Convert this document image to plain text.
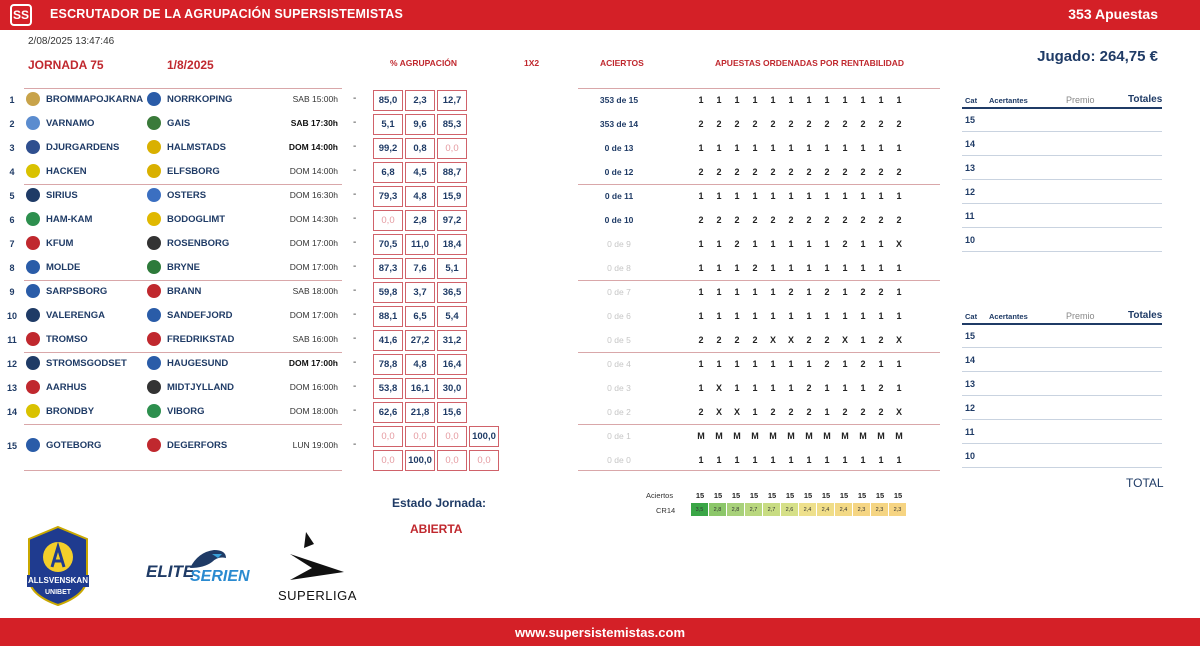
SS ESCRUTADOR DE LA AGRUPACIÓN SUPERSISTEMISTAS	353 Apuestas
2/08/2025 13:47:46
JORNADA 75	1/8/2025	Jugado: 264,75 €
% AGRUPACIÓN	1X2	ACIERTOS	APUESTAS ORDENADAS POR RENTABILIDAD
1	BROMMAPOJKARNA	NORRKOPING	SAB 15:00h -
2	VARNAMO	GAIS	SAB 17:30h -
3	DJURGARDENS	HALMSTADS	DOM 14:00h -
4	HACKEN	ELFSBORG	DOM 14:00h -
5	SIRIUS	OSTERS	DOM 16:30h -
6	HAM-KAM	BODOGLIMT	DOM 14:30h -
7	KFUM	ROSENBORG	DOM 17:00h -
8	MOLDE	BRYNE	DOM 17:00h -
9	SARPSBORG	BRANN	SAB 18:00h -
10	VALERENGA	SANDEFJORD	DOM 17:00h -
11	TROMSO	FREDRIKSTAD	SAB 16:00h -
12	STROMSGODSET	HAUGESUND	DOM 17:00h -
13	AARHUS	MIDTJYLLAND	DOM 16:00h -
14	BRONDBY	VIBORG	DOM 18:00h -
15	GOTEBORG	DEGERFORS	LUN 19:00h -
85,0	2,3	12,7
5,1	9,6	85,3
99,2	0,8	0,0
6,8	4,5	88,7
79,3	4,8	15,9
0,0	2,8	97,2
70,5	11,0	18,4
87,3	7,6	5,1
59,8	3,7	36,5
88,1	6,5	5,4
41,6	27,2	31,2
78,8	4,8	16,4
53,8	16,1	30,0
62,6	21,8	15,6
0,0	0,0	0,0	100,0
0,0	100,0	0,0	0,0
353 de 15	1	1	1	1	1	1	1	1	1	1	1	1
353 de 14	2	2	2	2	2	2	2	2	2	2	2	2
0 de 13	1	1	1	1	1	1	1	1	1	1	1	1
0 de 12	2	2	2	2	2	2	2	2	2	2	2	2
0 de 11	1	1	1	1	1	1	1	1	1	1	1	1
0 de 10	2	2	2	2	2	2	2	2	2	2	2	2
0 de 9	1	1	2	1	1	1	1	1	2	1	1	X
0 de 8	1	1	1	2	1	1	1	1	1	1	1	1
0 de 7	1	1	1	1	1	2	1	2	1	2	2	1
0 de 6	1	1	1	1	1	1	1	1	1	1	1	1
0 de 5	2	2	2	2	X	X	2	2	X	1	2	X
0 de 4	1	1	1	1	1	1	1	2	1	2	1	1
0 de 3	1	X	1	1	1	1	2	1	1	1	2	1
0 de 2	2	X	X	1	2	2	2	1	2	2	2	X
0 de 1	M	M	M	M	M	M	M	M	M	M	M	M
0 de 0	1	1	1	1	1	1	1	1	1	1	1	1
Cat Acertantes	Premio	Totales
15
14
13
12
11
10
Cat Acertantes	Premio	Totales
15
14
13
12
11
10
TOTAL
Aciertos
CR14
15	15	15	15	15	15	15	15	15	15	15	15
3,5	2,8	2,8	2,7	2,7	2,6	2,4	2,4	2,4	2,3	2,3	2,3
Estado Jornada:
ABIERTA
ALLSVENSKAN
UNIBET
ELITE
SERIEN
SUPERLIGA
www.supersistemistas.com
